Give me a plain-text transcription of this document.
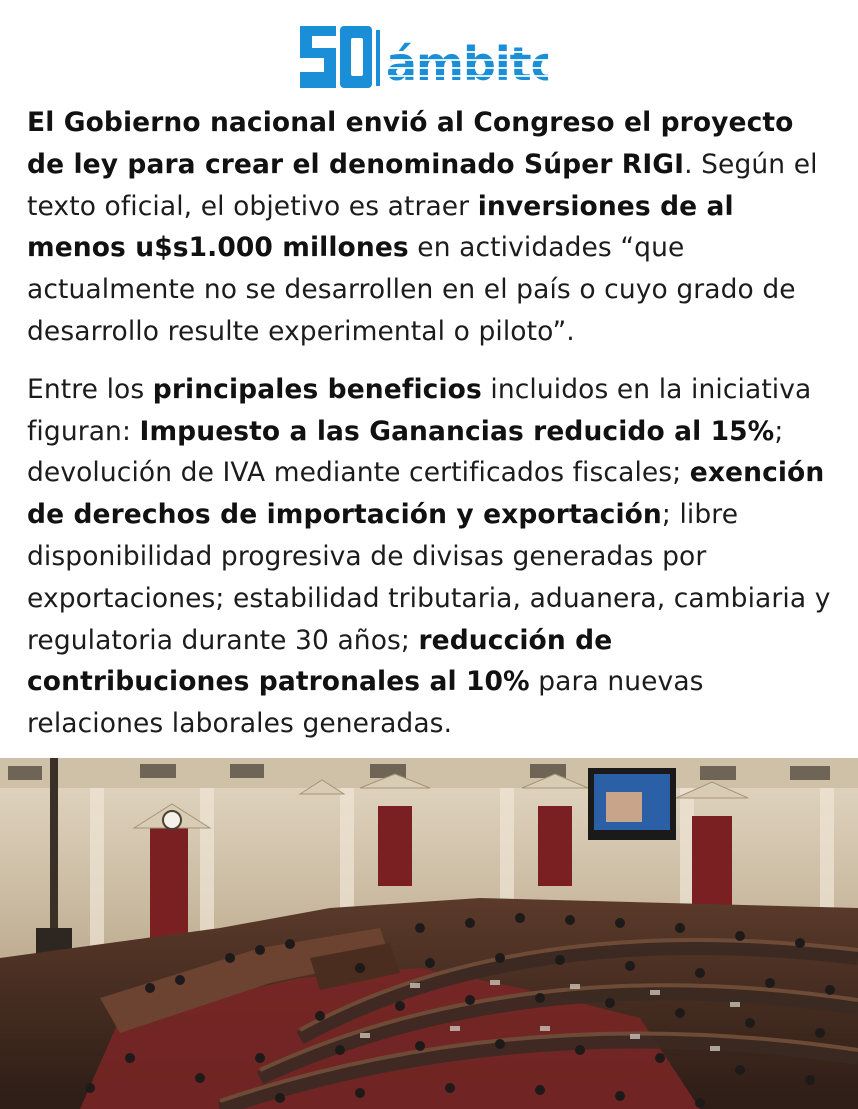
ámbito

El Gobierno nacional envió al Congreso el proyecto de ley para crear el denominado Súper RIGI. Según el texto oficial, el objetivo es atraer inversiones de al menos u$s1.000 millones en actividades “que actualmente no se desarrollen en el país o cuyo grado de desarrollo resulte experimental o piloto”.

Entre los principales beneficios incluidos en la iniciativa figuran: Impuesto a las Ganancias reducido al 15%; devolución de IVA mediante certificados fiscales; exención de derechos de importación y exportación; libre disponibilidad progresiva de divisas generadas por exportaciones; estabilidad tributaria, aduanera, cambiaria y regulatoria durante 30 años; reducción de contribuciones patronales al 10% para nuevas relaciones laborales generadas.
